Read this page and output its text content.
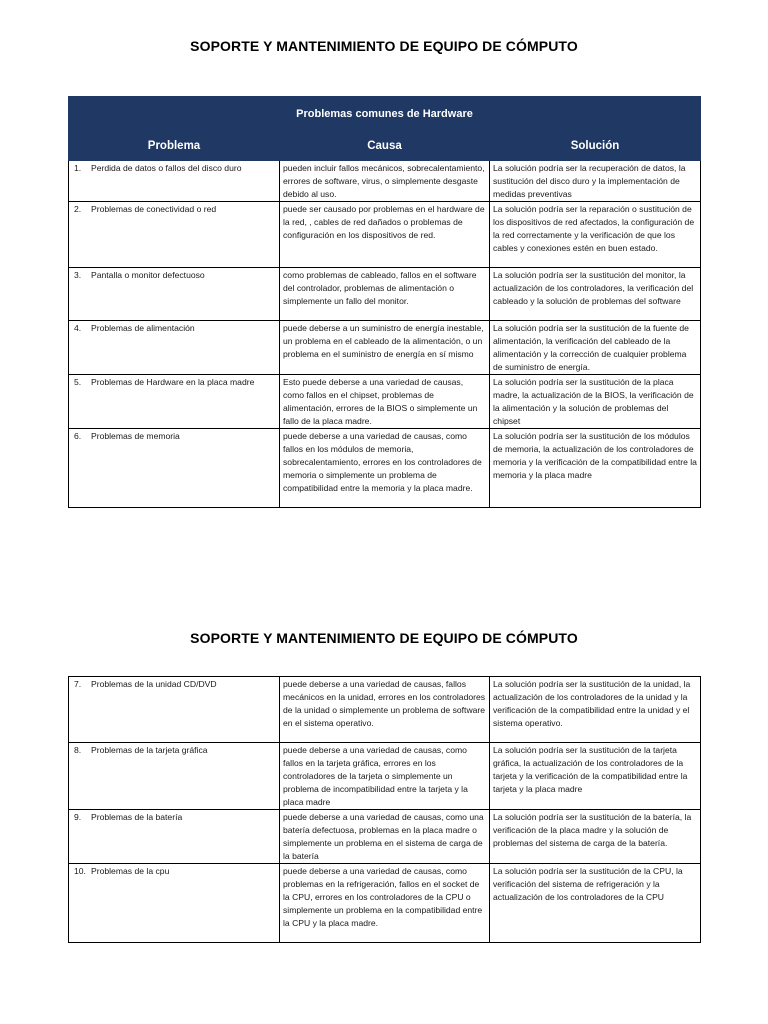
SOPORTE Y MANTENIMIENTO DE EQUIPO DE CÓMPUTO
Problemas comunes de Hardware		
Problema	Causa	Solución

1. Perdida de datos o fallos del disco duro	pueden incluir fallos mecánicos, sobrecalentamiento, errores de software, virus, o simplemente desgaste debido al uso.	La solución podría ser la recuperación de datos, la sustitución del disco duro y la implementación de medidas preventivas

2. Problemas de conectividad o red	puede ser causado por problemas en el hardware de la red, , cables de red dañados o problemas de configuración en los dispositivos de red.	La solución podría ser la reparación o sustitución de los dispositivos de red afectados, la configuración de la red correctamente y la verificación de que los cables y conexiones estén en buen estado.

3. Pantalla o monitor defectuoso	como problemas de cableado, fallos en el software del controlador, problemas de alimentación o simplemente un fallo del monitor.	La solución podría ser la sustitución del monitor, la actualización de los controladores, la verificación del cableado y la solución de problemas del software

4. Problemas de alimentación	puede deberse a un suministro de energía inestable, un problema en el cableado de la alimentación, o un problema en el suministro de energía en sí mismo	La solución podría ser la sustitución de la fuente de alimentación, la verificación del cableado de la alimentación y la corrección de cualquier problema de suministro de energía.

5. Problemas de Hardware en la placa madre	Esto puede deberse a una variedad de causas, como fallos en el chipset, problemas de alimentación, errores de la BIOS o simplemente un fallo de la placa madre.	La solución podría ser la sustitución de la placa madre, la actualización de la BIOS, la verificación de la alimentación y la solución de problemas del chipset

6. Problemas de memoria	puede deberse a una variedad de causas, como fallos en los módulos de memoria, sobrecalentamiento, errores en los controladores de memoria o simplemente un problema de compatibilidad entre la memoria y la placa madre.	La solución podría ser la sustitución de los módulos de memoria, la actualización de los controladores de memoria y la verificación de la compatibilidad entre la memoria y la placa madre
SOPORTE Y MANTENIMIENTO DE EQUIPO DE CÓMPUTO
7. Problemas de la unidad CD/DVD	puede deberse a una variedad de causas, fallos mecánicos en la unidad, errores en los controladores de la unidad o simplemente un problema de software en el sistema operativo.	La solución podría ser la sustitución de la unidad, la actualización de los controladores de la unidad y la verificación de la compatibilidad entre la unidad y el sistema operativo.

8. Problemas de la tarjeta gráfica	puede deberse a una variedad de causas, como fallos en la tarjeta gráfica, errores en los controladores de la tarjeta o simplemente un problema de incompatibilidad entre la tarjeta y la placa madre	La solución podría ser la sustitución de la tarjeta gráfica, la actualización de los controladores de la tarjeta y la verificación de la compatibilidad entre la tarjeta y la placa madre

9. Problemas de la batería	puede deberse a una variedad de causas, como una batería defectuosa, problemas en la placa madre o simplemente un problema en el sistema de carga de la batería	La solución podría ser la sustitución de la batería, la verificación de la placa madre y la solución de problemas del sistema de carga de la batería.

10. Problemas de la cpu	puede deberse a una variedad de causas, como problemas en la refrigeración, fallos en el socket de la CPU, errores en los controladores de la CPU o simplemente un problema en la compatibilidad entre la CPU y la placa madre.	La solución podría ser la sustitución de la CPU, la verificación del sistema de refrigeración y la actualización de los controladores de la CPU
